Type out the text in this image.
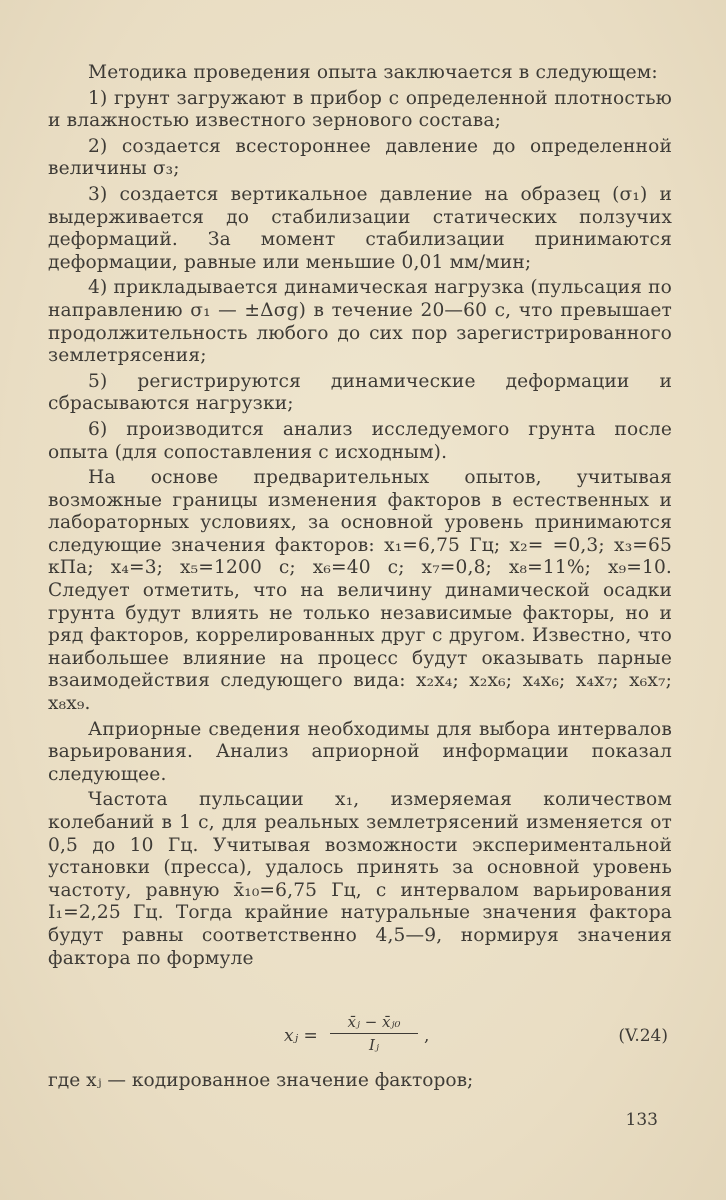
Методика проведения опыта заключается в следующем:

1) грунт загружают в прибор с определенной плотностью и влажностью известного зернового состава;

2) создается всестороннее давление до определенной величины σ₃;

3) создается вертикальное давление на образец (σ₁) и выдерживается до стабилизации статических ползучих деформаций. За момент стабилизации принимаются деформации, равные или меньшие 0,01 мм/мин;

4) прикладывается динамическая нагрузка (пульсация по направлению σ₁ — ±Δσg) в течение 20—60 с, что превышает продолжительность любого до сих пор зарегистрированного землетрясения;

5) регистрируются динамические деформации и сбрасываются нагрузки;

6) производится анализ исследуемого грунта после опыта (для сопоставления с исходным).

На основе предварительных опытов, учитывая возможные границы изменения факторов в естественных и лабораторных условиях, за основной уровень принимаются следующие значения факторов: x₁=6,75 Гц; x₂= =0,3; x₃=65 кПа; x₄=3; x₅=1200 с; x₆=40 с; x₇=0,8; x₈=11%; x₉=10. Следует отметить, что на величину динамической осадки грунта будут влиять не только независимые факторы, но и ряд факторов, коррелированных друг с другом. Известно, что наибольшее влияние на процесс будут оказывать парные взаимодействия следующего вида: x₂x₄; x₂x₆; x₄x₆; x₄x₇; x₆x₇; x₈x₉.

Априорные сведения необходимы для выбора интервалов варьирования. Анализ априорной информации показал следующее.

Частота пульсации x₁, измеряемая количеством колебаний в 1 с, для реальных землетрясений изменяется от 0,5 до 10 Гц. Учитывая возможности экспериментальной установки (пресса), удалось принять за основной уровень частоту, равную x̄₁₀=6,75 Гц, с интервалом варьирования I₁=2,25 Гц. Тогда крайние натуральные значения фактора будут равны соответственно 4,5—9, нормируя значения фактора по формуле

xⱼ = $\frac{\text{x̄ⱼ − x̄ⱼ₀}}{\text{Iⱼ}}$ ,	(V.24)
где xⱼ — кодированное значение факторов;
133
